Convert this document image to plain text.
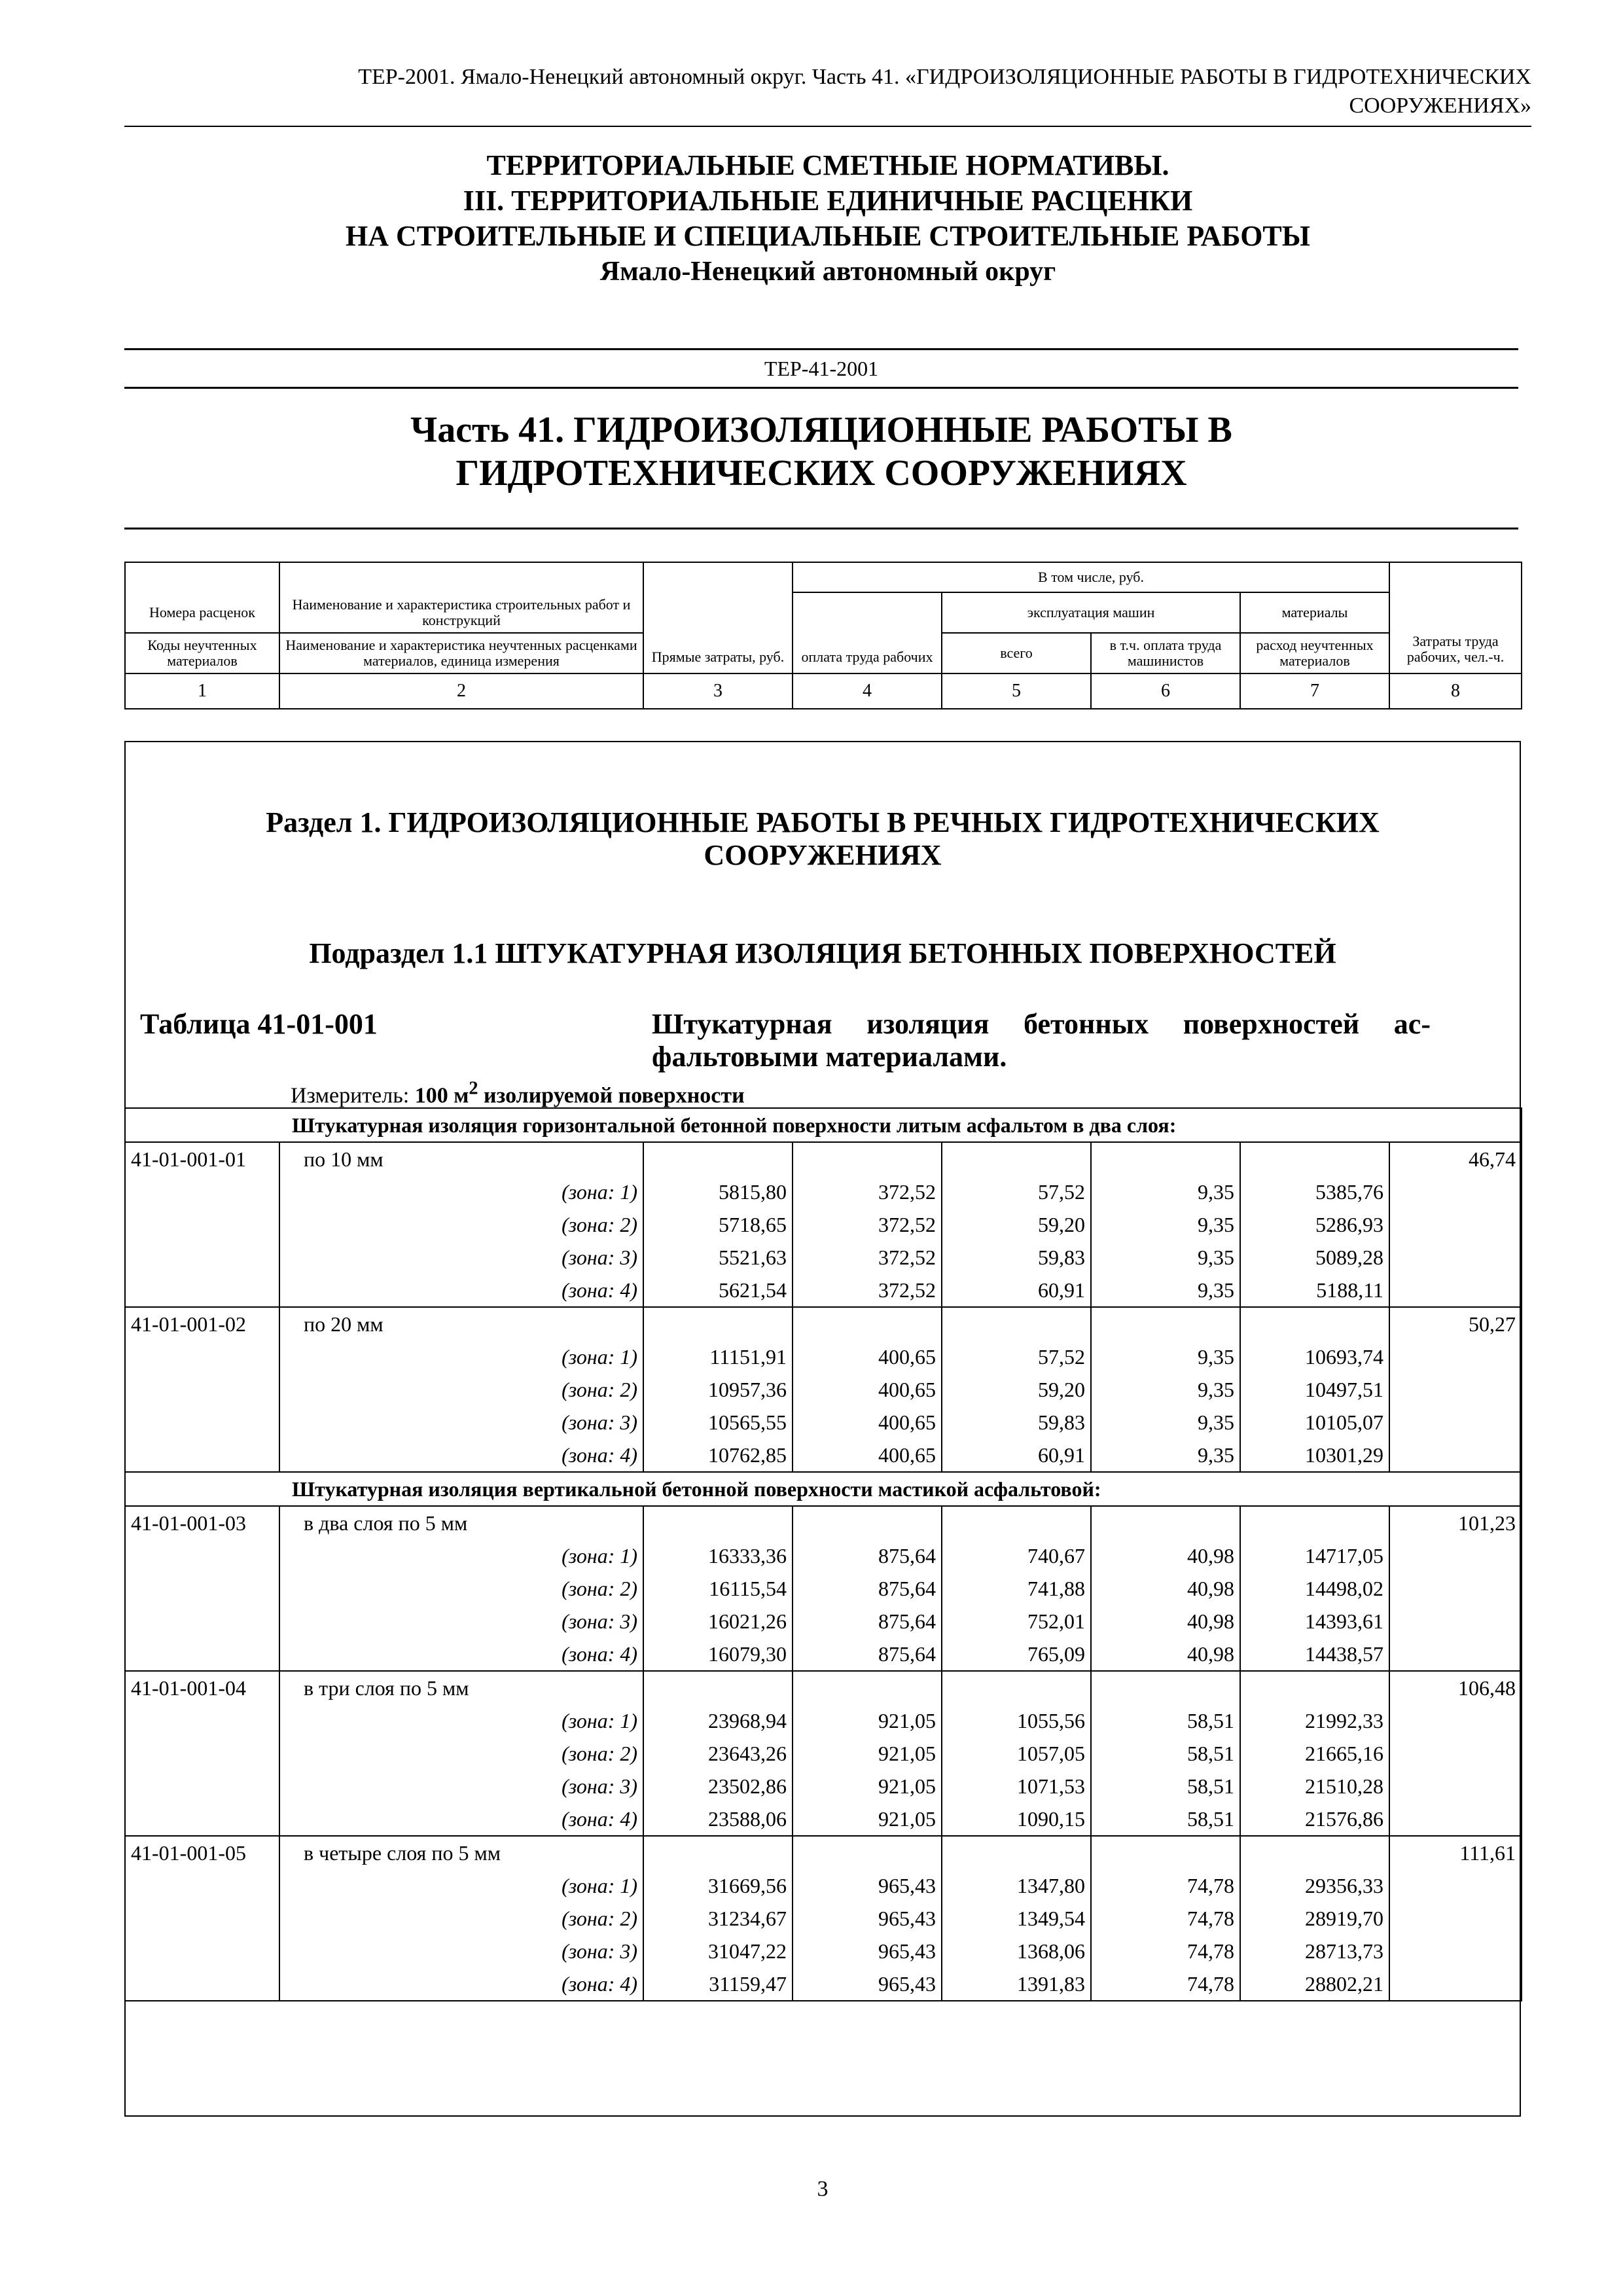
ТЕР-2001. Ямало-Ненецкий автономный округ. Часть 41. «ГИДРОИЗОЛЯЦИОННЫЕ РАБОТЫ В ГИДРОТЕХНИЧЕСКИХ
СООРУЖЕНИЯХ»
ТЕРРИТОРИАЛЬНЫЕ СМЕТНЫЕ НОРМАТИВЫ.
III. ТЕРРИТОРИАЛЬНЫЕ ЕДИНИЧНЫЕ РАСЦЕНКИ
НА СТРОИТЕЛЬНЫЕ И СПЕЦИАЛЬНЫЕ СТРОИТЕЛЬНЫЕ РАБОТЫ
Ямало-Ненецкий автономный округ
ТЕР-41-2001
Часть 41. ГИДРОИЗОЛЯЦИОННЫЕ РАБОТЫ В
ГИДРОТЕХНИЧЕСКИХ СООРУЖЕНИЯХ
		Прямые затраты, руб.	В том числе, руб.				Затраты труда рабочих, чел.-ч.
Номера расценок	Наименование и характеристика строительных работ и конструкций		оплата труда рабочих	эксплуатация машин		материалы	
Коды неучтенных материалов	Наименование и характеристика неучтенных расценками материалов, единица измерения			всего	в т.ч. оплата труда машинистов	расход неучтенных материалов	
1	2	3	4	5	6	7	8
Раздел 1. ГИДРОИЗОЛЯЦИОННЫЕ РАБОТЫ В РЕЧНЫХ ГИДРОТЕХНИЧЕСКИХ
СООРУЖЕНИЯХ
Подраздел 1.1 ШТУКАТУРНАЯ ИЗОЛЯЦИЯ БЕТОННЫХ ПОВЕРХНОСТЕЙ
Таблица 41-01-001	Штукатурная изоляция бетонных поверхностей ас-фальтовыми материалами.
Измеритель: 100 $м^2$ изолируемой поверхности
Штукатурная изоляция горизонтальной бетонной поверхности литым асфальтом в два слоя:							
41-01-001-01	по 10 мм						46,74
	(зона: 1)	5815,80	372,52	57,52	9,35	5385,76	
	(зона: 2)	5718,65	372,52	59,20	9,35	5286,93	
	(зона: 3)	5521,63	372,52	59,83	9,35	5089,28	
	(зона: 4)	5621,54	372,52	60,91	9,35	5188,11	
41-01-001-02	по 20 мм						50,27
	(зона: 1)	11151,91	400,65	57,52	9,35	10693,74	
	(зона: 2)	10957,36	400,65	59,20	9,35	10497,51	
	(зона: 3)	10565,55	400,65	59,83	9,35	10105,07	
	(зона: 4)	10762,85	400,65	60,91	9,35	10301,29	
Штукатурная изоляция вертикальной бетонной поверхности мастикой асфальтовой:							
41-01-001-03	в два слоя по 5 мм						101,23
	(зона: 1)	16333,36	875,64	740,67	40,98	14717,05	
	(зона: 2)	16115,54	875,64	741,88	40,98	14498,02	
	(зона: 3)	16021,26	875,64	752,01	40,98	14393,61	
	(зона: 4)	16079,30	875,64	765,09	40,98	14438,57	
41-01-001-04	в три слоя по 5 мм						106,48
	(зона: 1)	23968,94	921,05	1055,56	58,51	21992,33	
	(зона: 2)	23643,26	921,05	1057,05	58,51	21665,16	
	(зона: 3)	23502,86	921,05	1071,53	58,51	21510,28	
	(зона: 4)	23588,06	921,05	1090,15	58,51	21576,86	
41-01-001-05	в четыре слоя по 5 мм						111,61
	(зона: 1)	31669,56	965,43	1347,80	74,78	29356,33	
	(зона: 2)	31234,67	965,43	1349,54	74,78	28919,70	
	(зона: 3)	31047,22	965,43	1368,06	74,78	28713,73	
	(зона: 4)	31159,47	965,43	1391,83	74,78	28802,21	
3
